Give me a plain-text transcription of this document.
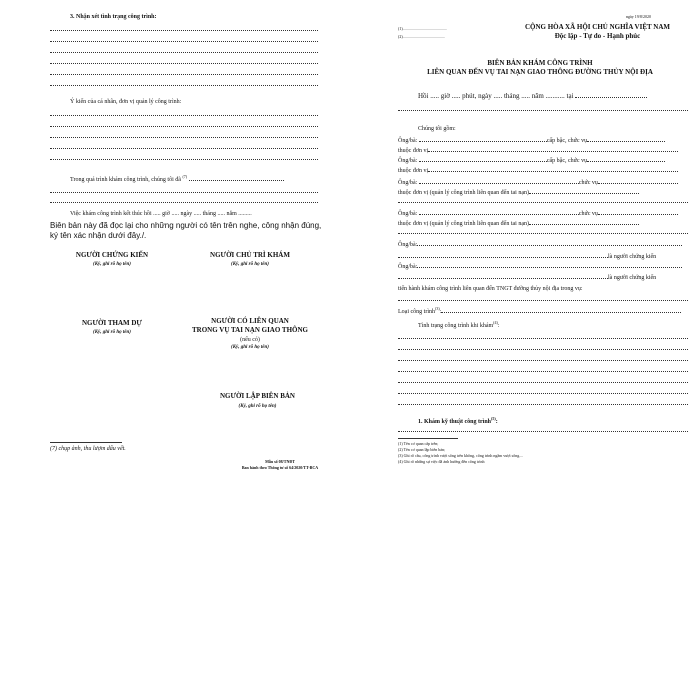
3. Nhận xét tình trạng công trình:
Ý kiến của cá nhân, đơn vị quản lý công trình:
Trong quá trình khám công trình, chúng tôi đã $^{(7)}$
Việc khám công trình kết thúc hồi ..... giờ ..... ngày ..... tháng ..... năm .........
Biên bản này đã đọc lại cho những người có tên trên nghe, công nhận đúng, ký tên xác nhận dưới đây./.
NGƯỜI CHỨNG KIẾN
(Ký, ghi rõ họ tên)
NGƯỜI CHỦ TRÌ KHÁM
(Ký, ghi rõ họ tên)
NGƯỜI THAM DỰ
(Ký, ghi rõ họ tên)
NGƯỜI CÓ LIÊN QUAN
TRONG VỤ TAI NẠN GIAO THÔNG
(nếu có)
(Ký, ghi rõ họ tên)
NGƯỜI LẬP BIÊN BẢN
(Ký, ghi rõ họ tên)
(7) chụp ảnh, thu lượm dấu vết.
Mẫu số 08/TNĐT
Ban hành theo Thông tư số 64/2020/TT-BCA
ngày 19/8/2020
(1)............................................
(2)..........................................
CỘNG HÒA XÃ HỘI CHỦ NGHĨA VIỆT NAM
Độc lập - Tự do - Hạnh phúc
BIÊN BẢN KHÁM CÔNG TRÌNH
LIÊN QUAN ĐẾN VỤ TAI NẠN GIAO THÔNG ĐƯỜNG THỦY NỘI ĐỊA
Hồi ..... giờ ..... phút, ngày ..... tháng ..... năm ........... tại
Chúng tôi gồm:
Ông/bà:	cấp bậc, chức vụ
thuộc đơn vị
Ông/bà:	cấp bậc, chức vụ
thuộc đơn vị
Ông/bà:	chức vụ
thuộc đơn vị (quản lý công trình liên quan đến tai nạn)
Ông/bà:	chức vụ
thuộc đơn vị (quản lý công trình liên quan đến tai nạn)
Ông/bà:
là người chứng kiến
Ông/bà:
là người chứng kiến
tiến hành khám công trình liên quan đến TNGT đường thủy nội địa trong vụ:
Loại công trình$^{(3)}$:
Tình trạng công trình khi khám$^{(4)}$:
1. Khám kỹ thuật công trình$^{(5)}$:
(1) Tên cơ quan cấp trên;
(2) Tên cơ quan lập biên bản;
(3) Ghi rõ cầu, cống trình vượt sông trên không, công trình ngầm vượt sông....
(4) Ghi rõ những sự việc đã ảnh hưởng đến công trình
